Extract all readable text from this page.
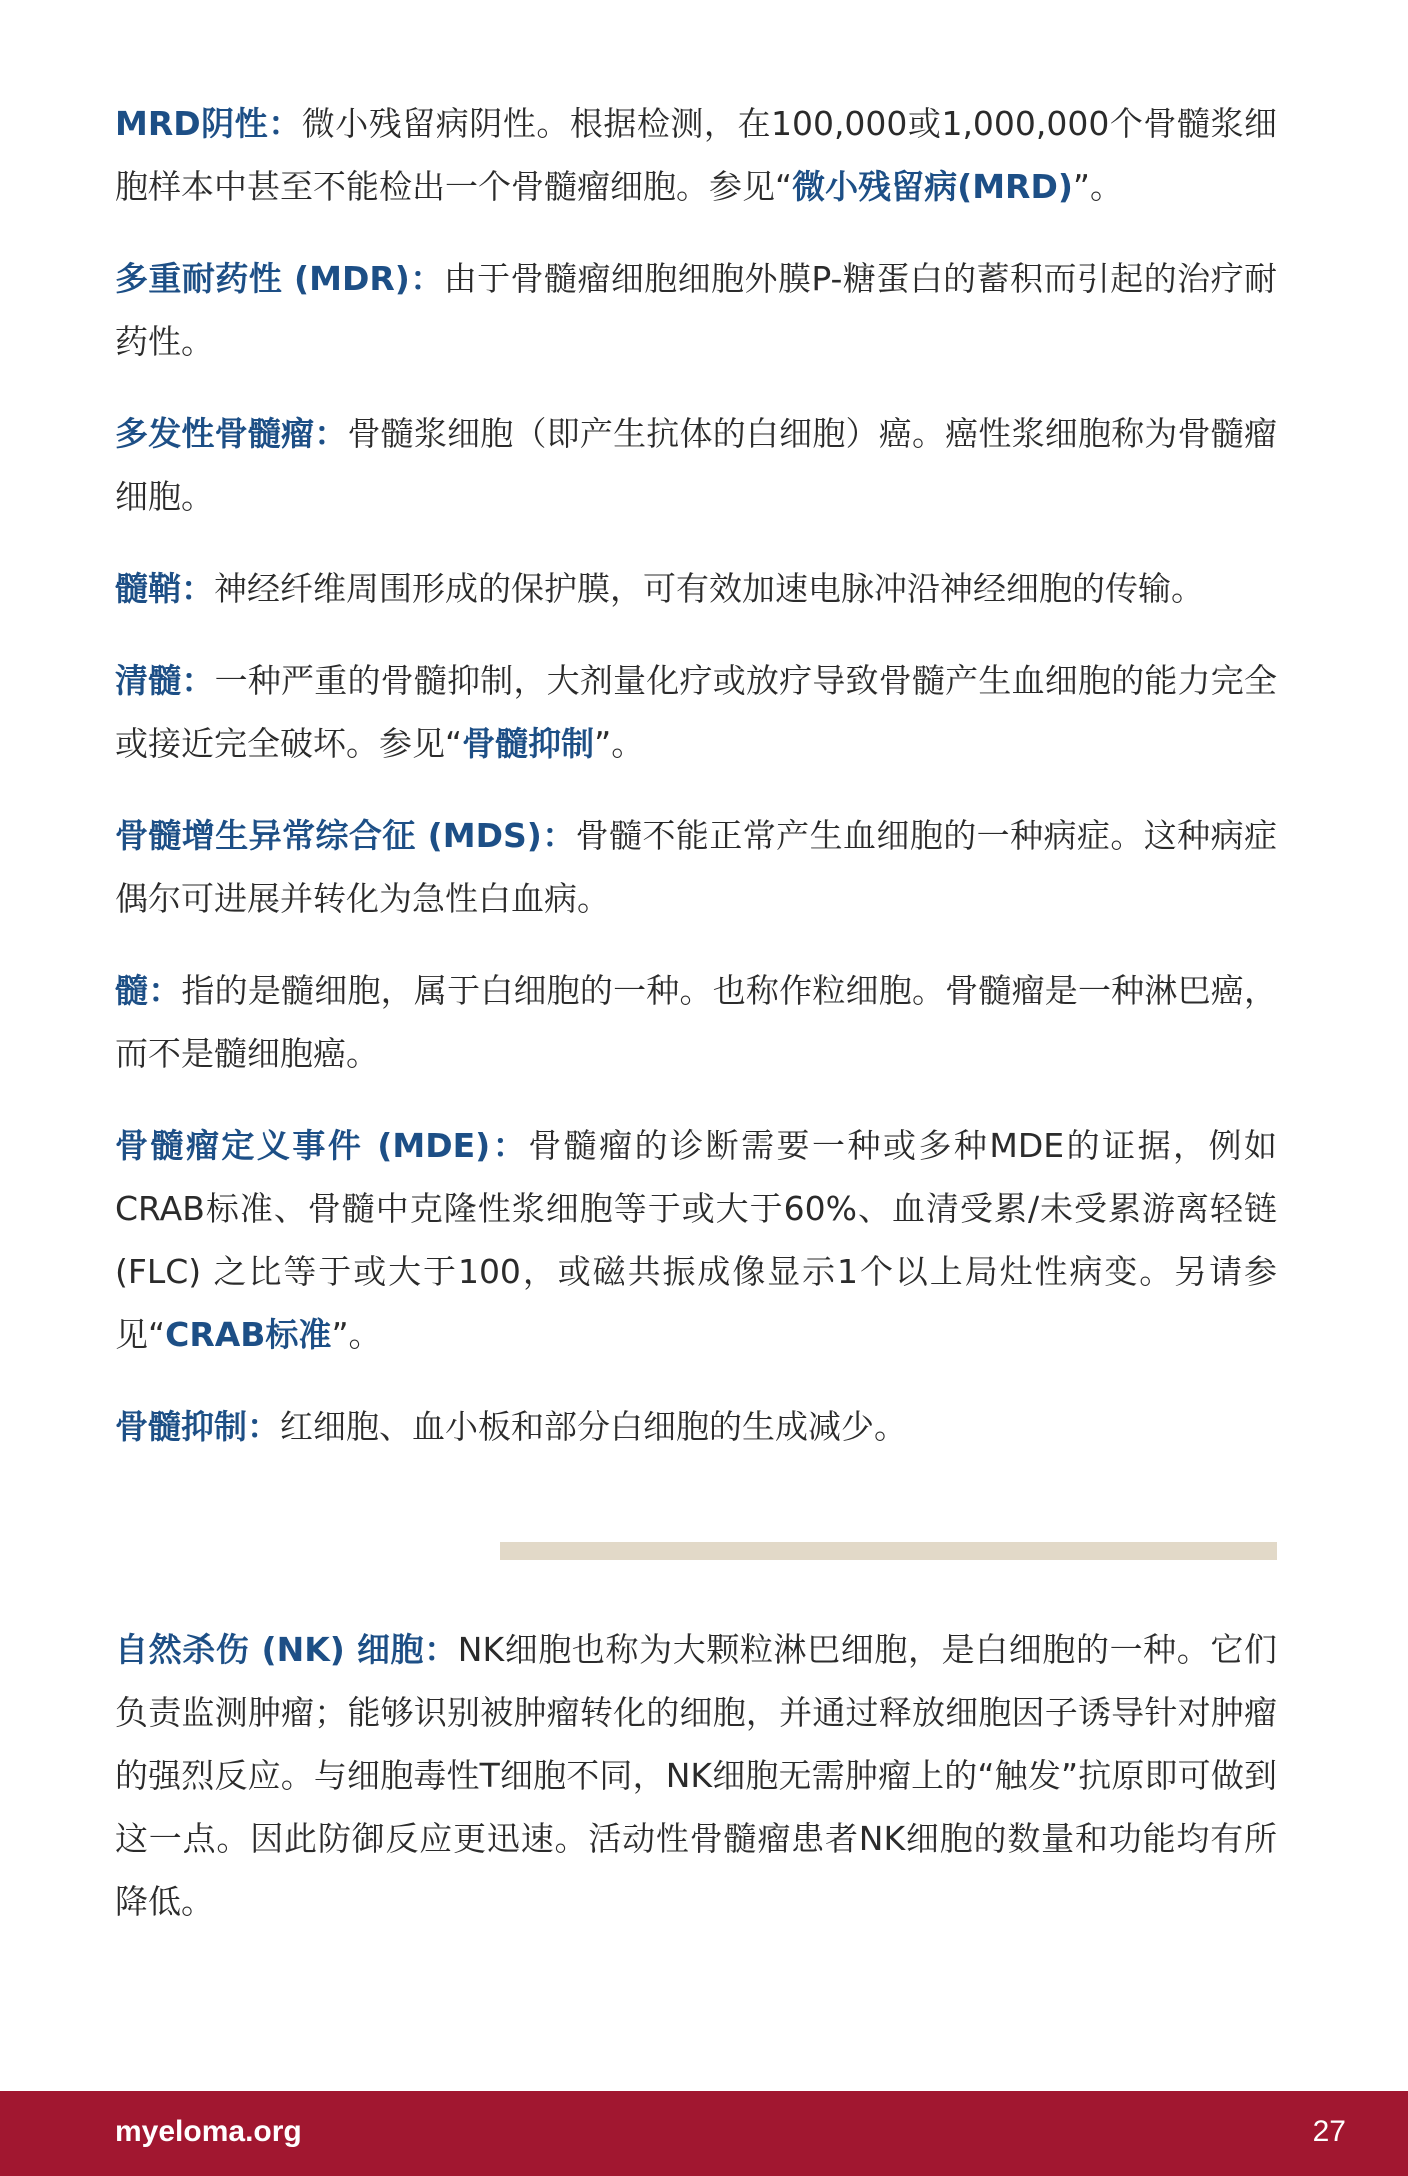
MRD阴性：微小残留病阴性。根据检测，在100,000或1,000,000个骨髓浆细胞样本中甚至不能检出一个骨髓瘤细胞。参见“微小残留病(MRD)”。

多重耐药性 (MDR)：由于骨髓瘤细胞细胞外膜P-糖蛋白的蓄积而引起的治疗耐药性。

多发性骨髓瘤：骨髓浆细胞（即产生抗体的白细胞）癌。癌性浆细胞称为骨髓瘤细胞。

髓鞘：神经纤维周围形成的保护膜，可有效加速电脉冲沿神经细胞的传输。

清髓：一种严重的骨髓抑制，大剂量化疗或放疗导致骨髓产生血细胞的能力完全或接近完全破坏。参见“骨髓抑制”。

骨髓增生异常综合征 (MDS)：骨髓不能正常产生血细胞的一种病症。这种病症偶尔可进展并转化为急性白血病。

髓：指的是髓细胞，属于白细胞的一种。也称作粒细胞。骨髓瘤是一种淋巴癌，而不是髓细胞癌。

骨髓瘤定义事件 (MDE)：骨髓瘤的诊断需要一种或多种MDE的证据，例如CRAB标准、骨髓中克隆性浆细胞等于或大于60%、血清受累/未受累游离轻链 (FLC) 之比等于或大于100，或磁共振成像显示1个以上局灶性病变。另请参见“CRAB标准”。

骨髓抑制：红细胞、血小板和部分白细胞的生成减少。

自然杀伤 (NK) 细胞：NK细胞也称为大颗粒淋巴细胞，是白细胞的一种。它们负责监测肿瘤；能够识别被肿瘤转化的细胞，并通过释放细胞因子诱导针对肿瘤的强烈反应。与细胞毒性T细胞不同，NK细胞无需肿瘤上的“触发”抗原即可做到这一点。因此防御反应更迅速。活动性骨髓瘤患者NK细胞的数量和功能均有所降低。

myeloma.org	27
